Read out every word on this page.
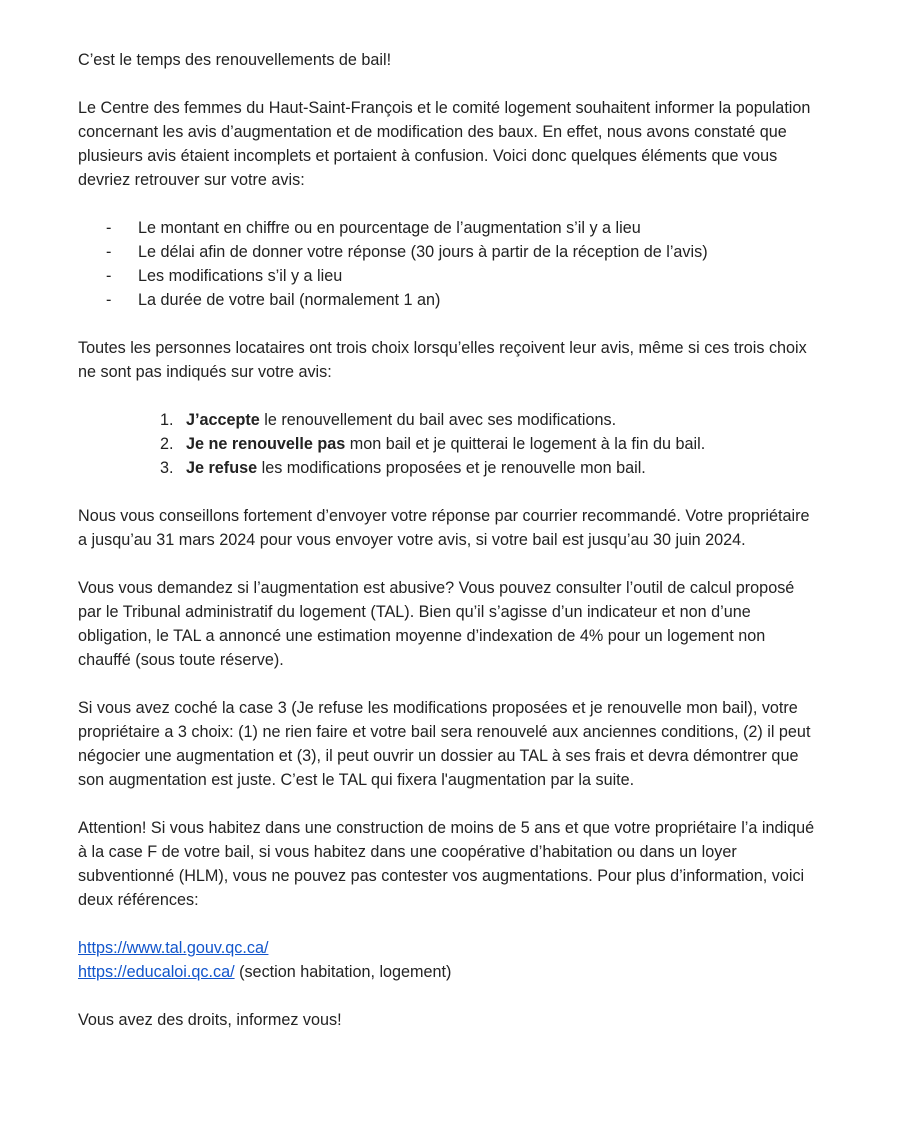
C’est le temps des renouvellements de bail!

Le Centre des femmes du Haut-Saint-François et le comité logement souhaitent informer la population concernant les avis d’augmentation et de modification des baux. En effet, nous avons constaté que plusieurs avis étaient incomplets et portaient à confusion. Voici donc quelques éléments que vous devriez retrouver sur votre avis:

- Le montant en chiffre ou en pourcentage de l’augmentation s’il y a lieu
- Le délai afin de donner votre réponse (30 jours à partir de la réception de l’avis)
- Les modifications s’il y a lieu
- La durée de votre bail (normalement 1 an)

Toutes les personnes locataires ont trois choix lorsqu’elles reçoivent leur avis, même si ces trois choix ne sont pas indiqués sur votre avis:

1. J’accepte le renouvellement du bail avec ses modifications.
2. Je ne renouvelle pas mon bail et je quitterai le logement à la fin du bail.
3. Je refuse les modifications proposées et je renouvelle mon bail.

Nous vous conseillons fortement d’envoyer votre réponse par courrier recommandé. Votre propriétaire a jusqu’au 31 mars 2024 pour vous envoyer votre avis, si votre bail est jusqu’au 30 juin 2024.

Vous vous demandez si l’augmentation est abusive? Vous pouvez consulter l’outil de calcul proposé par le Tribunal administratif du logement (TAL). Bien qu’il s’agisse d’un indicateur et non d’une obligation, le TAL a annoncé une estimation moyenne d’indexation de 4% pour un logement non chauffé (sous toute réserve).

Si vous avez coché la case 3 (Je refuse les modifications proposées et je renouvelle mon bail), votre propriétaire a 3 choix: (1) ne rien faire et votre bail sera renouvelé aux anciennes conditions, (2) il peut négocier une augmentation et (3), il peut ouvrir un dossier au TAL à ses frais et devra démontrer que son augmentation est juste. C’est le TAL qui fixera l'augmentation par la suite.

Attention! Si vous habitez dans une construction de moins de 5 ans et que votre propriétaire l’a indiqué à la case F de votre bail, si vous habitez dans une coopérative d’habitation ou dans un loyer subventionné (HLM), vous ne pouvez pas contester vos augmentations. Pour plus d’information, voici deux références:

https://www.tal.gouv.qc.ca/

https://educaloi.qc.ca/ (section habitation, logement)

Vous avez des droits, informez vous!
